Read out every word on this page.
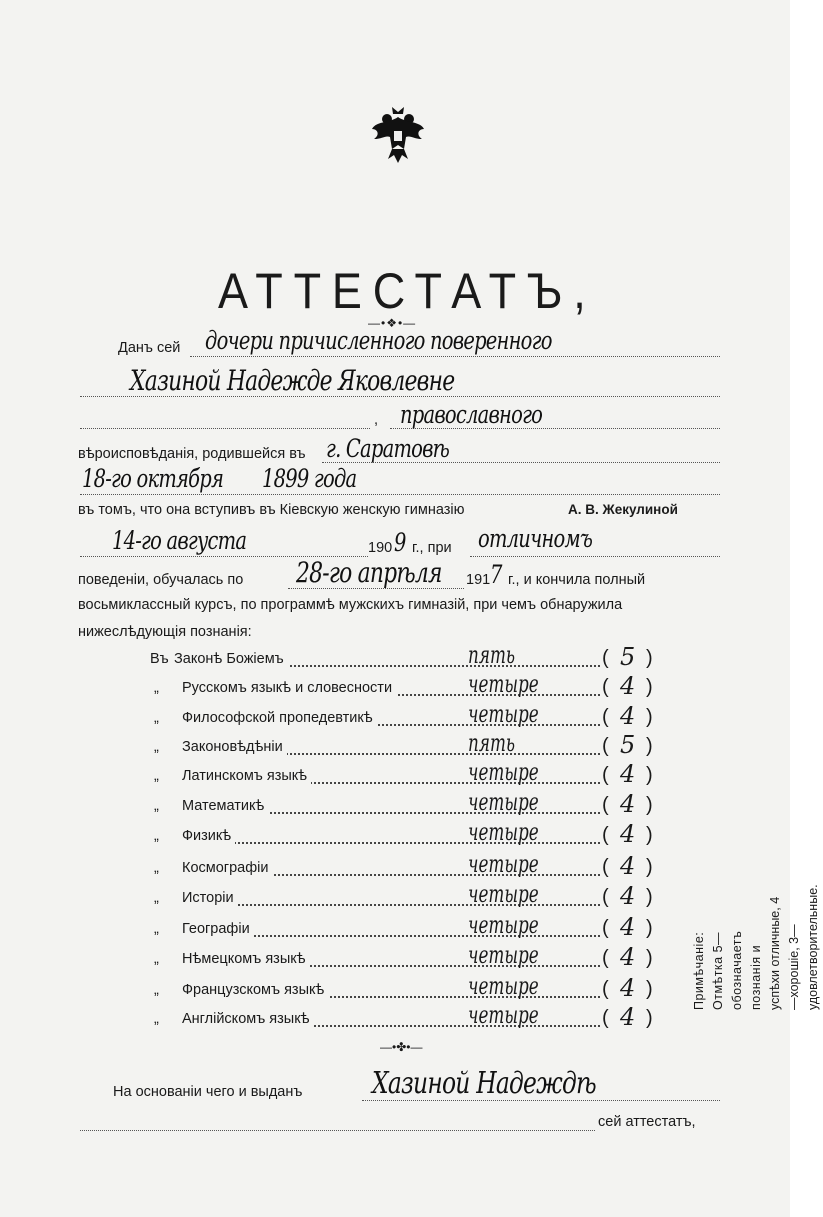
АТТЕСТАТЪ,
—•❖•—
Данъ сей дочери причисленного поверенного
Хазиной Надежде Яковлевне
, православного
вѣроисповѣданія, родившейся въ г. Саратовѣ
18-го октября 1899 года
въ томъ, что она вступивъ въ Кіевскую женскую гимназію	А. В. Жекулиной
14-го августа	190 9 г., при отличномъ
поведеніи, обучалась по 28-го апрѣля 191 7 г., и кончила полный
восьмиклассный курсъ, по программѣ мужскихъ гимназій, при чемъ обнаружила
нижеслѣдующія познанія:
Въ Законѣ Божіемъ	пять	( 5 )
„ Русскомъ языкѣ и словесности	четыре	( 4 )
„ Философской пропедевтикѣ	четыре	( 4 )
„ Законовѣдѣніи	пять	( 5 )
„ Латинскомъ языкѣ	четыре	( 4 )
„ Математикѣ	четыре	( 4 )
„ Физикѣ	четыре	( 4 )
„ Космографіи	четыре	( 4 )
„ Исторіи	четыре	( 4 )
„ Географіи	четыре	( 4 )
„ Нѣмецкомъ языкѣ	четыре	( 4 )
„ Французскомъ языкѣ	четыре	( 4 )
„ Англійскомъ языкѣ	четыре	( 4 )
Примѣчаніе: Отмѣтка 5—обозначаетъ познанія и успѣхи отличные, 4—хорошіе, 3—удовлетворительные.
—•✤•—
На основаніи чего и выданъ Хазиной Надеждѣ
сей аттестатъ,
